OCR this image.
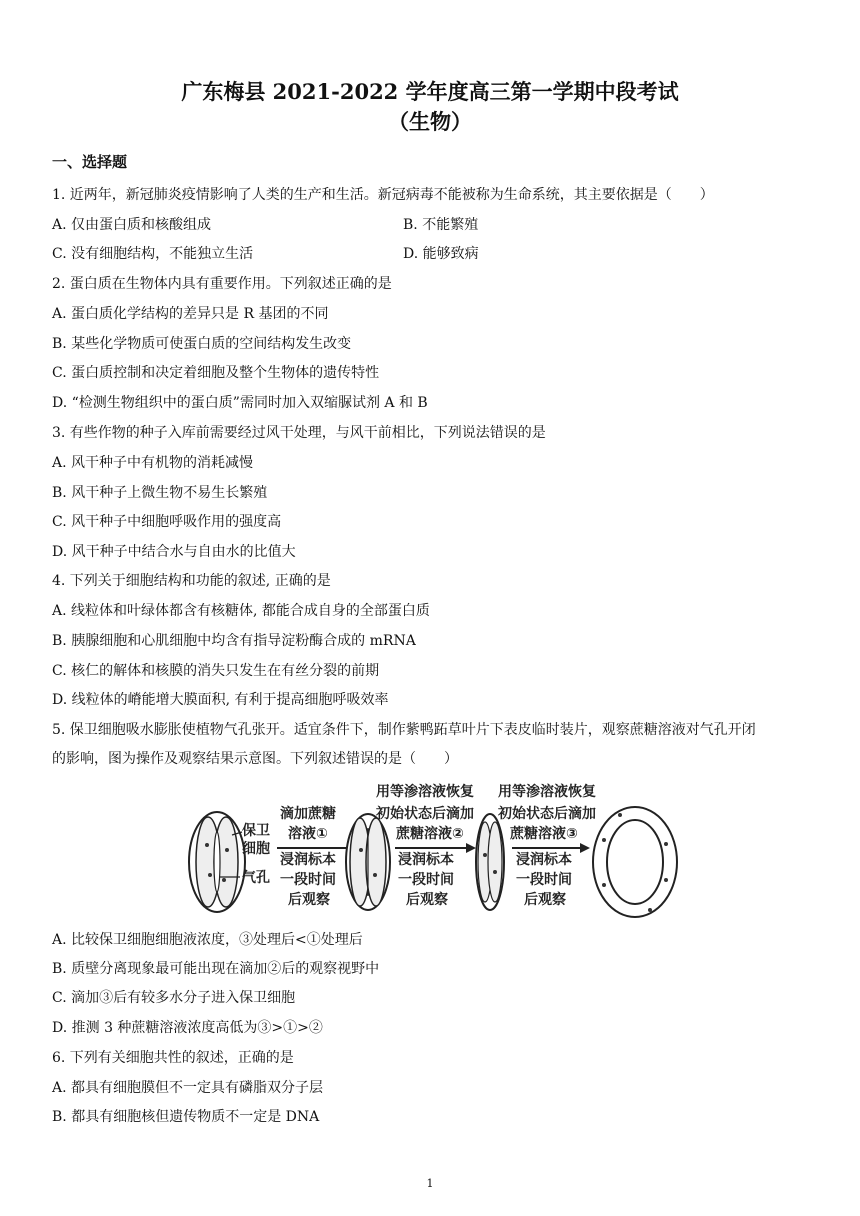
广东梅县 2021-2022 学年度高三第一学期中段考试
（生物）
一、选择题
1. 近两年，新冠肺炎疫情影响了人类的生产和生活。新冠病毒不能被称为生命系统，其主要依据是（　　）
A. 仅由蛋白质和核酸组成	B. 不能繁殖
C. 没有细胞结构，不能独立生活	D. 能够致病
2. 蛋白质在生物体内具有重要作用。下列叙述正确的是
A. 蛋白质化学结构的差异只是 R 基团的不同
B. 某些化学物质可使蛋白质的空间结构发生改变
C. 蛋白质控制和决定着细胞及整个生物体的遗传特性
D. “检测生物组织中的蛋白质”需同时加入双缩脲试剂 A 和 B
3. 有些作物的种子入库前需要经过风干处理，与风干前相比，下列说法错误的是
A. 风干种子中有机物的消耗减慢
B. 风干种子上微生物不易生长繁殖
C. 风干种子中细胞呼吸作用的强度高
D. 风干种子中结合水与自由水的比值大
4. 下列关于细胞结构和功能的叙述, 正确的是
A. 线粒体和叶绿体都含有核糖体, 都能合成自身的全部蛋白质
B. 胰腺细胞和心肌细胞中均含有指导淀粉酶合成的 mRNA
C. 核仁的解体和核膜的消失只发生在有丝分裂的前期
D. 线粒体的嵴能增大膜面积, 有利于提高细胞呼吸效率
5. 保卫细胞吸水膨胀使植物气孔张开。适宜条件下，制作紫鸭跖草叶片下表皮临时装片，观察蔗糖溶液对气孔开闭
的影响，图为操作及观察结果示意图。下列叙述错误的是（　　）
保卫
细胞
气孔
滴加蔗糖
溶液①
浸润标本
一段时间
后观察
用等渗溶液恢复
初始状态后滴加
蔗糖溶液②
浸润标本
一段时间
后观察
用等渗溶液恢复
初始状态后滴加
蔗糖溶液③
浸润标本
一段时间
后观察
A. 比较保卫细胞细胞液浓度，③处理后<①处理后
B. 质壁分离现象最可能出现在滴加②后的观察视野中
C. 滴加③后有较多水分子进入保卫细胞
D. 推测 3 种蔗糖溶液浓度高低为③>①>②
6. 下列有关细胞共性的叙述，正确的是
A. 都具有细胞膜但不一定具有磷脂双分子层
B. 都具有细胞核但遗传物质不一定是 DNA
1
